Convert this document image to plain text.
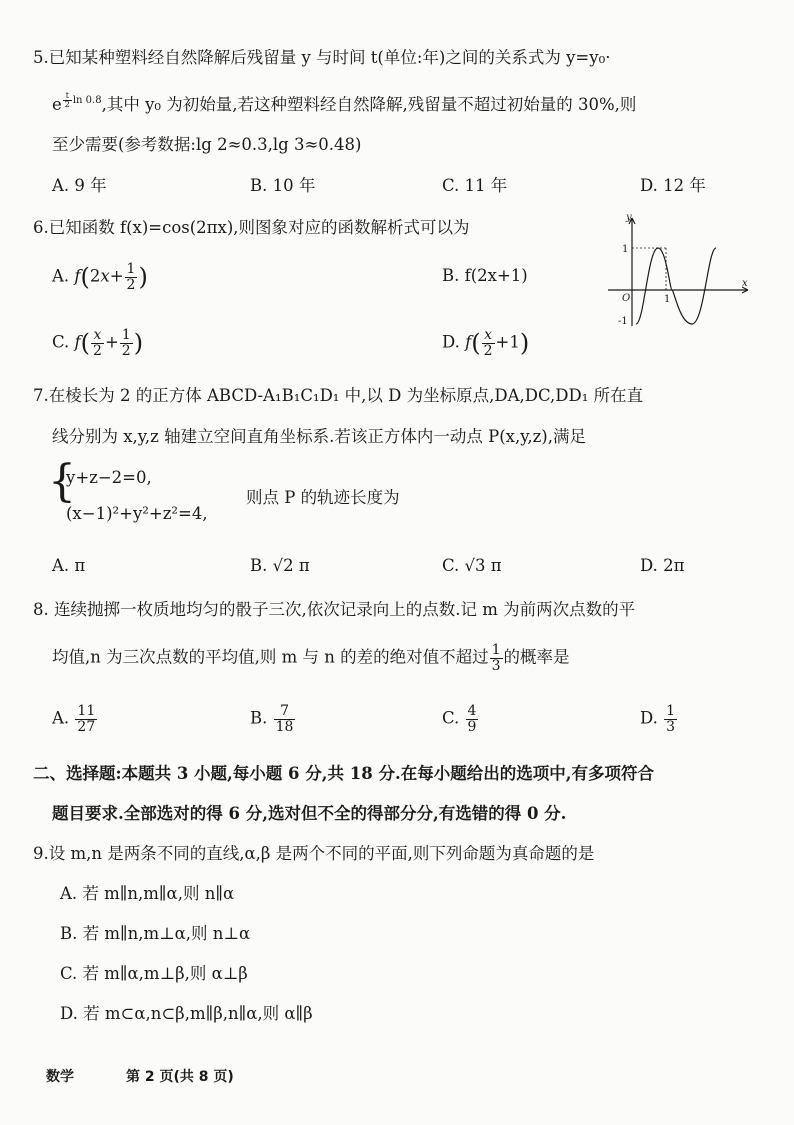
5.已知某种塑料经自然降解后残留量 y 与时间 t(单位:年)之间的关系式为 y=y₀·
e $^{\frac{t}{2} ln 0.8}$,其中 y₀ 为初始量,若这种塑料经自然降解,残留量不超过初始量的 30%,则
至少需要(参考数据:lg 2≈0.3,lg 3≈0.48)
A. 9 年	B. 10 年	C. 11 年	D. 12 年
6.已知函数 f(x)=cos(2πx),则图象对应的函数解析式可以为
A. $f(2x+ \frac{1}{2}$ )	B. f(2x+1)
C. $f( \frac{x}{2} + \frac{1}{2}$ )	D. $f( \frac{x}{2} +1)$
y
x
1
-1
O	1
7.在棱长为 2 的正方体 ABCD-A₁B₁C₁D₁ 中,以 D 为坐标原点,DA,DC,DD₁ 所在直
线分别为 x,y,z 轴建立空间直角坐标系.若该正方体内一动点 P(x,y,z),满足
{
y+z−2=0,
(x−1)²+y²+z²=4,
则点 P 的轨迹长度为
A. π	B. √2 π	C. √3 π	D. 2π
8. 连续抛掷一枚质地均匀的骰子三次,依次记录向上的点数.记 m 为前两次点数的平
均值,n 为三次点数的平均值,则 m 与 n 的差的绝对值不超过 $\frac{1}{3}$ 的概率是
A. $\frac{11}{27}$	B. $\frac{7}{18}$	C. $\frac{4}{9}$	D. $\frac{1}{3}$
二、选择题:本题共 3 小题,每小题 6 分,共 18 分.在每小题给出的选项中,有多项符合
题目要求.全部选对的得 6 分,选对但不全的得部分分,有选错的得 0 分.
9.设 m,n 是两条不同的直线,α,β 是两个不同的平面,则下列命题为真命题的是
A. 若 m∥n,m∥α,则 n∥α
B. 若 m∥n,m⊥α,则 n⊥α
C. 若 m∥α,m⊥β,则 α⊥β
D. 若 m⊂α,n⊂β,m∥β,n∥α,则 α∥β
数学	第 2 页(共 8 页)
